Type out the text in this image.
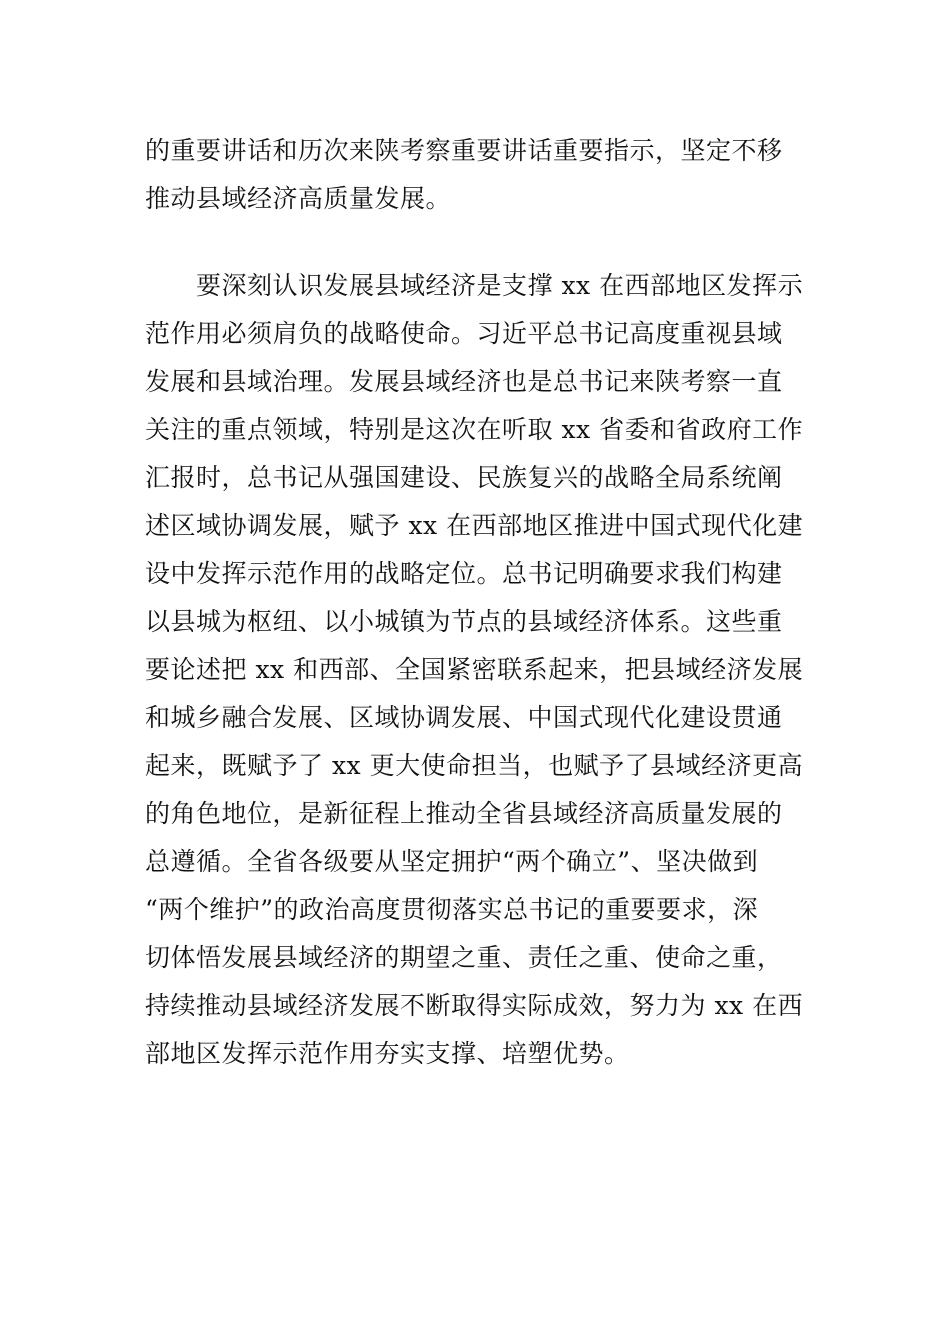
的重要讲话和历次来陕考察重要讲话重要指示，坚定不移
推动县域经济高质量发展。
要深刻认识发展县域经济是支撑 xx 在西部地区发挥示
范作用必须肩负的战略使命。习近平总书记高度重视县域
发展和县域治理。发展县域经济也是总书记来陕考察一直
关注的重点领域，特别是这次在听取 xx 省委和省政府工作
汇报时，总书记从强国建设、民族复兴的战略全局系统阐
述区域协调发展，赋予 xx 在西部地区推进中国式现代化建
设中发挥示范作用的战略定位。总书记明确要求我们构建
以县城为枢纽、以小城镇为节点的县域经济体系。这些重
要论述把 xx 和西部、全国紧密联系起来，把县域经济发展
和城乡融合发展、区域协调发展、中国式现代化建设贯通
起来，既赋予了 xx 更大使命担当，也赋予了县域经济更高
的角色地位，是新征程上推动全省县域经济高质量发展的
总遵循。全省各级要从坚定拥护“两个确立”、坚决做到
“两个维护”的政治高度贯彻落实总书记的重要要求，深
切体悟发展县域经济的期望之重、责任之重、使命之重，
持续推动县域经济发展不断取得实际成效，努力为 xx 在西
部地区发挥示范作用夯实支撑、培塑优势。
